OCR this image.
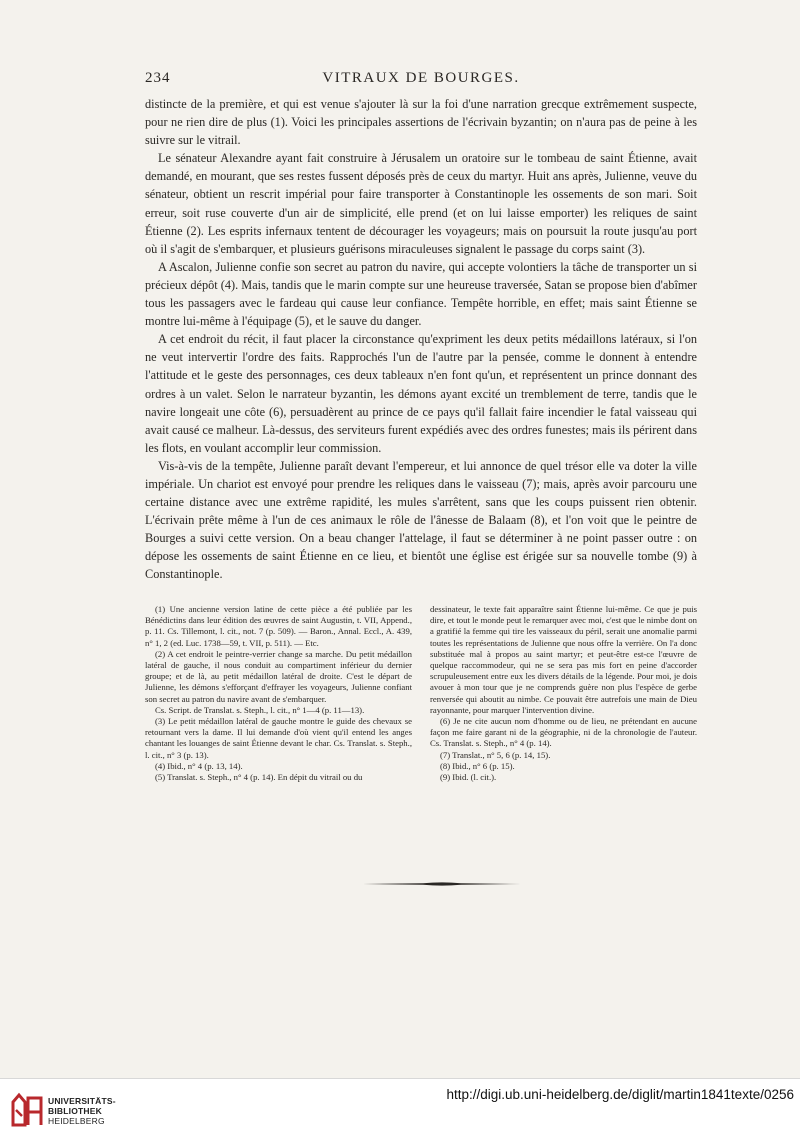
234	VITRAUX DE BOURGES.

distincte de la première, et qui est venue s'ajouter là sur la foi d'une narration grecque extrêmement suspecte, pour ne rien dire de plus (1). Voici les principales assertions de l'écrivain byzantin; on n'aura pas de peine à les suivre sur le vitrail.

Le sénateur Alexandre ayant fait construire à Jérusalem un oratoire sur le tombeau de saint Étienne, avait demandé, en mourant, que ses restes fussent déposés près de ceux du martyr. Huit ans après, Julienne, veuve du sénateur, obtient un rescrit impérial pour faire transporter à Constantinople les ossements de son mari. Soit erreur, soit ruse couverte d'un air de simplicité, elle prend (et on lui laisse emporter) les reliques de saint Étienne (2). Les esprits infernaux tentent de décourager les voyageurs; mais on poursuit la route jusqu'au port où il s'agit de s'embarquer, et plusieurs guérisons miraculeuses signalent le passage du corps saint (3).

A Ascalon, Julienne confie son secret au patron du navire, qui accepte volontiers la tâche de transporter un si précieux dépôt (4). Mais, tandis que le marin compte sur une heureuse traversée, Satan se propose bien d'abîmer tous les passagers avec le fardeau qui cause leur confiance. Tempête horrible, en effet; mais saint Étienne se montre lui-même à l'équipage (5), et le sauve du danger.

A cet endroit du récit, il faut placer la circonstance qu'expriment les deux petits médaillons latéraux, si l'on ne veut intervertir l'ordre des faits. Rapprochés l'un de l'autre par la pensée, comme le donnent à entendre l'attitude et le geste des personnages, ces deux tableaux n'en font qu'un, et représentent un prince donnant des ordres à un valet. Selon le narrateur byzantin, les démons ayant excité un tremblement de terre, tandis que le navire longeait une côte (6), persuadèrent au prince de ce pays qu'il fallait faire incendier le fatal vaisseau qui avait causé ce malheur. Là-dessus, des serviteurs furent expédiés avec des ordres funestes; mais ils périrent dans les flots, en voulant accomplir leur commission.

Vis-à-vis de la tempête, Julienne paraît devant l'empereur, et lui annonce de quel trésor elle va doter la ville impériale. Un chariot est envoyé pour prendre les reliques dans le vaisseau (7); mais, après avoir parcouru une certaine distance avec une extrême rapidité, les mules s'arrêtent, sans que les coups puissent rien obtenir. L'écrivain prête même à l'un de ces animaux le rôle de l'ânesse de Balaam (8), et l'on voit que le peintre de Bourges a suivi cette version. On a beau changer l'attelage, il faut se déterminer à ne point passer outre : on dépose les ossements de saint Étienne en ce lieu, et bientôt une église est érigée sur sa nouvelle tombe (9) à Constantinople.

(1) Une ancienne version latine de cette pièce a été publiée par les Bénédictins dans leur édition des œuvres de saint Augustin, t. VII, Append., p. 11. Cs. Tillemont, l. cit., not. 7 (p. 509). — Baron., Annal. Eccl., A. 439, n° 1, 2 (ed. Luc. 1738—59, t. VII, p. 511). — Etc.

(2) A cet endroit le peintre-verrier change sa marche. Du petit médaillon latéral de gauche, il nous conduit au compartiment inférieur du dernier groupe; et de là, au petit médaillon latéral de droite. C'est le départ de Julienne, les démons s'efforçant d'effrayer les voyageurs, Julienne confiant son secret au patron du navire avant de s'embarquer.

Cs. Script. de Translat. s. Steph., l. cit., n° 1—4 (p. 11—13).

(3) Le petit médaillon latéral de gauche montre le guide des chevaux se retournant vers la dame. Il lui demande d'où vient qu'il entend les anges chantant les louanges de saint Étienne devant le char. Cs. Translat. s. Steph., l. cit., n° 3 (p. 13).

(4) Ibid., n° 4 (p. 13, 14).

(5) Translat. s. Steph., n° 4 (p. 14). En dépit du vitrail ou du

dessinateur, le texte fait apparaître saint Étienne lui-même. Ce que je puis dire, et tout le monde peut le remarquer avec moi, c'est que le nimbe dont on a gratifié la femme qui tire les vaisseaux du péril, serait une anomalie parmi toutes les représentations de Julienne que nous offre la verrière. On l'a donc substituée mal à propos au saint martyr; et peut-être est-ce l'œuvre de quelque raccommodeur, qui ne se sera pas mis fort en peine d'accorder scrupuleusement entre eux les divers détails de la légende. Pour moi, je dois avouer à mon tour que je ne comprends guère non plus l'espèce de gerbe renversée qui aboutit au nimbe. Ce pouvait être autrefois une main de Dieu rayonnante, pour marquer l'intervention divine.

(6) Je ne cite aucun nom d'homme ou de lieu, ne prétendant en aucune façon me faire garant ni de la géographie, ni de la chronologie de l'auteur. Cs. Translat. s. Steph., n° 4 (p. 14).

(7) Translat., n° 5, 6 (p. 14, 15).

(8) Ibid., n° 6 (p. 15).

(9) Ibid. (l. cit.).

UNIVERSITÄTS-
BIBLIOTHEK
HEIDELBERG
http://digi.ub.uni-heidelberg.de/diglit/martin1841texte/0256
